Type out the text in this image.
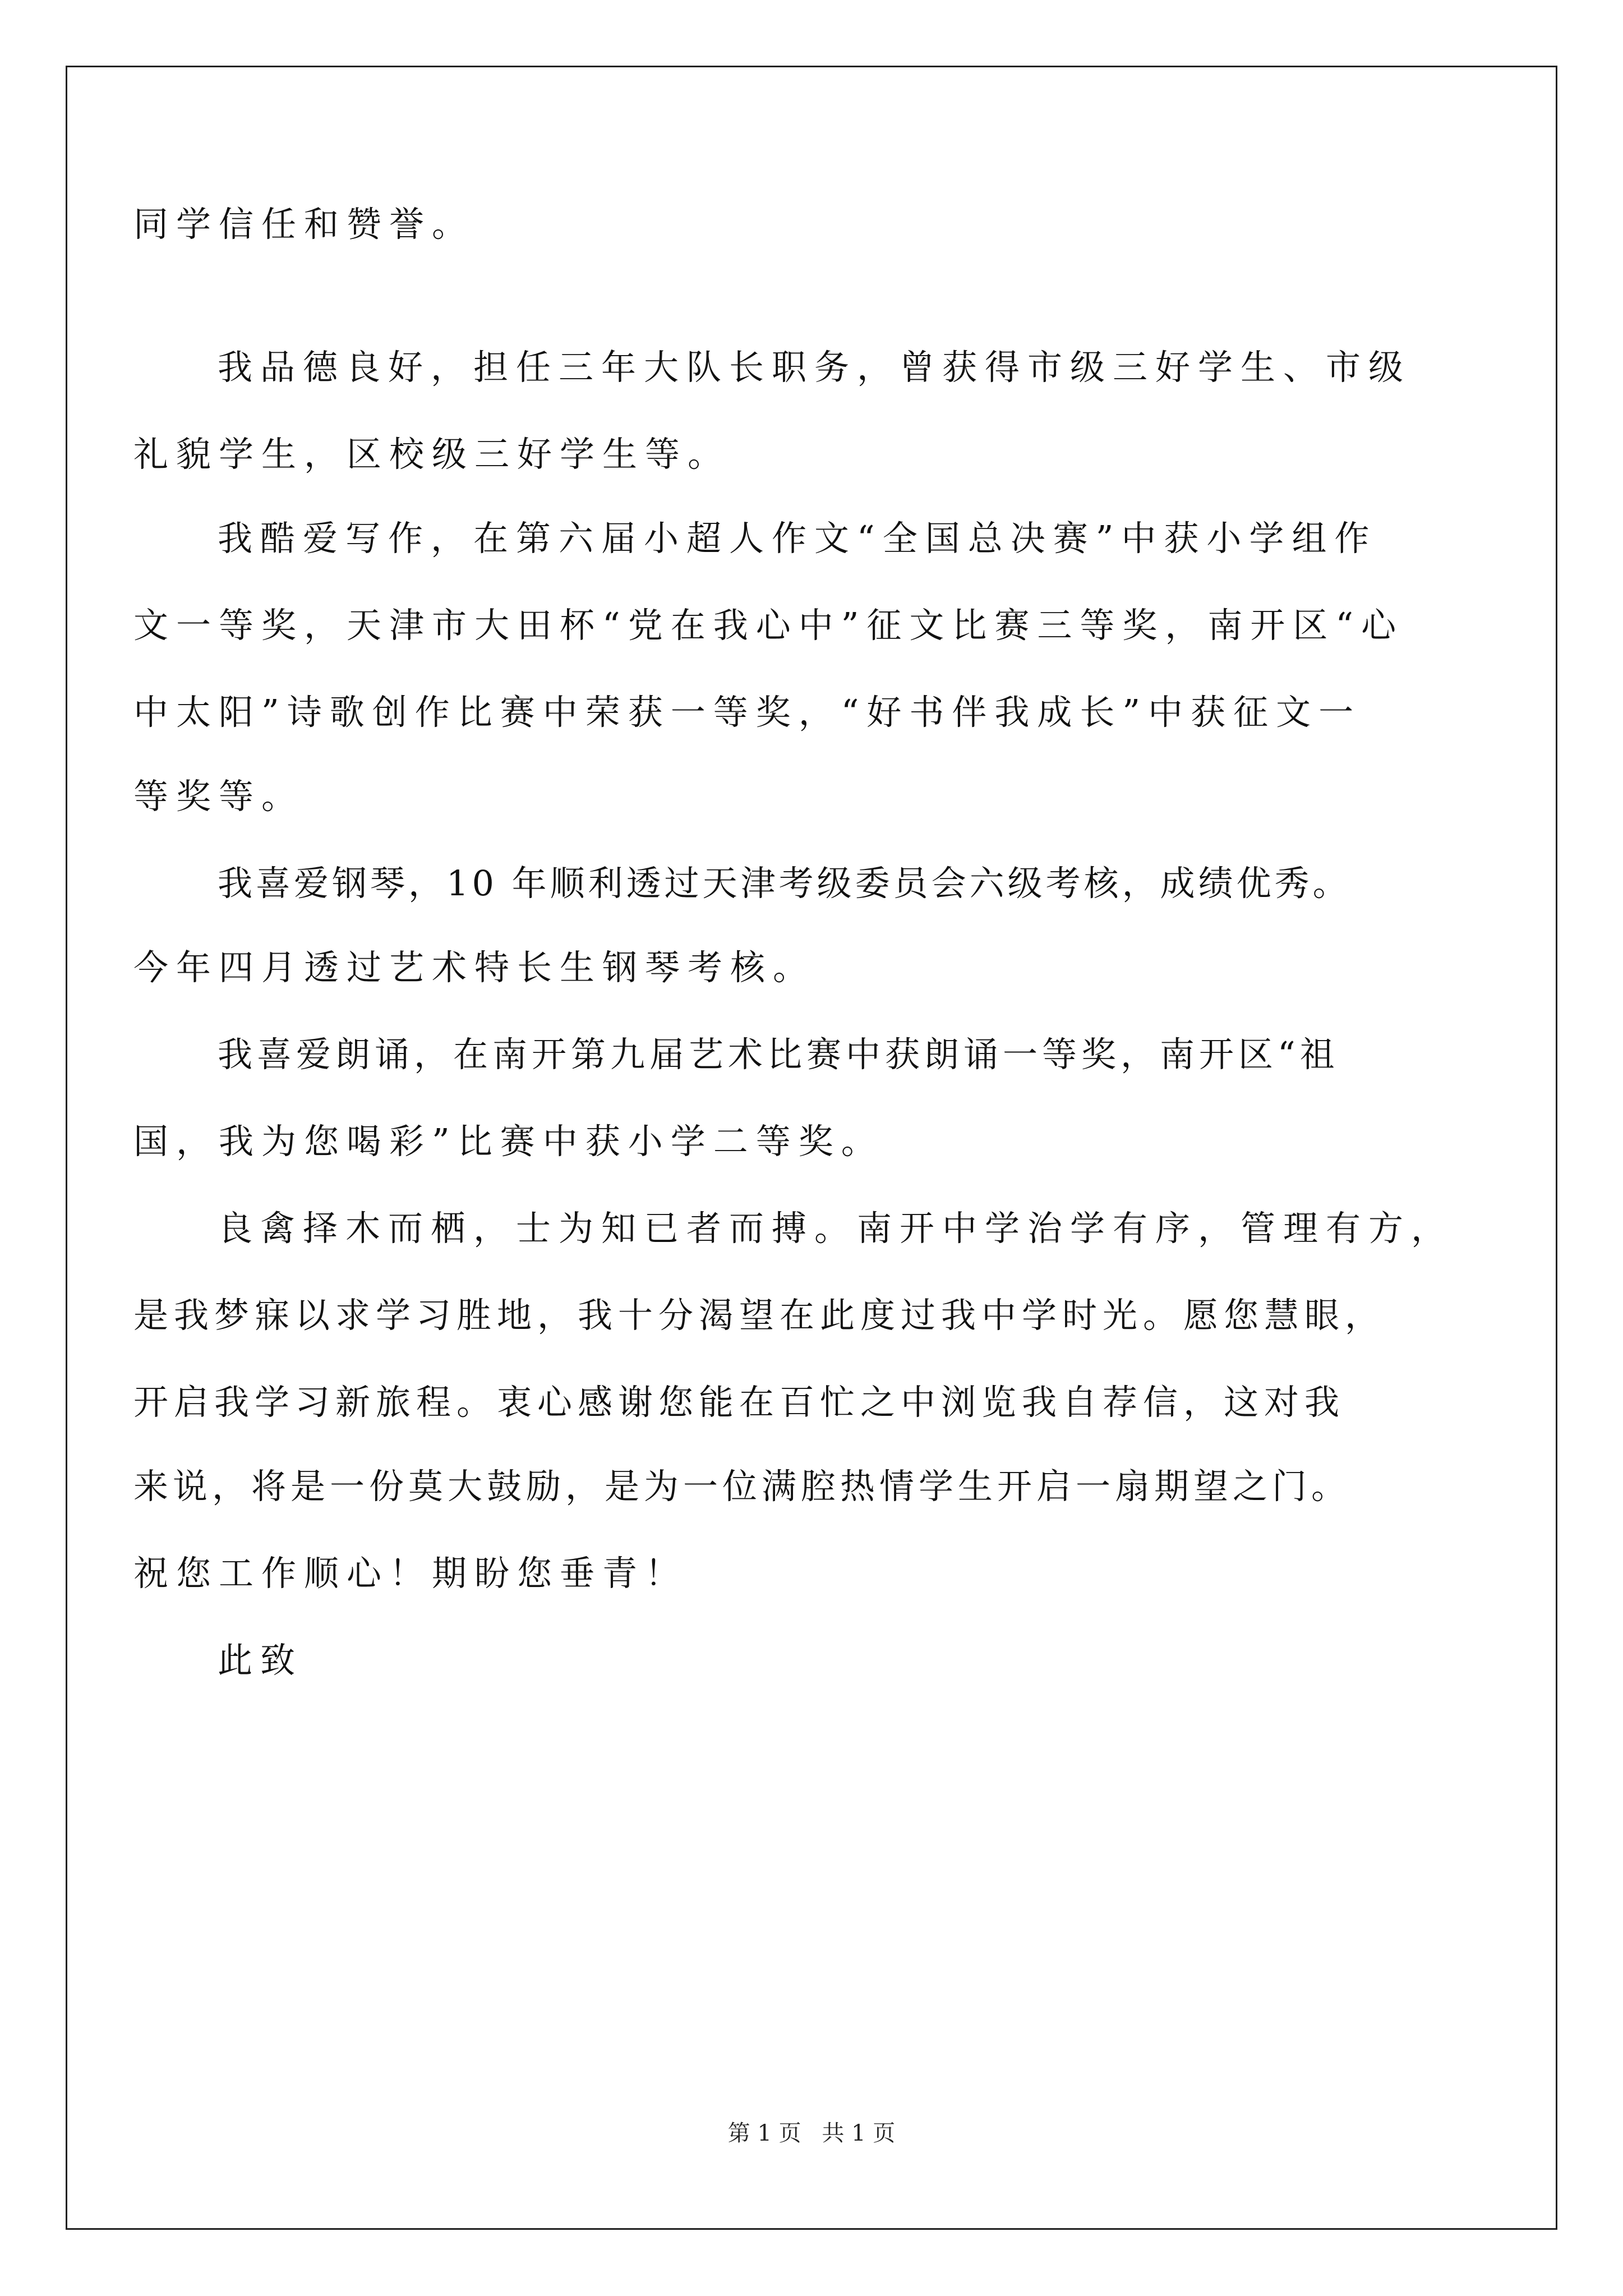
同学信任和赞誉。
我品德良好，担任三年大队长职务，曾获得市级三好学生、市级
礼貌学生，区校级三好学生等。
我酷爱写作，在第六届小超人作文“全国总决赛”中获小学组作
文一等奖，天津市大田杯“党在我心中”征文比赛三等奖，南开区“心
中太阳”诗歌创作比赛中荣获一等奖，“好书伴我成长”中获征文一
等奖等。
我喜爱钢琴，10 年顺利透过天津考级委员会六级考核，成绩优秀。
今年四月透过艺术特长生钢琴考核。
我喜爱朗诵，在南开第九届艺术比赛中获朗诵一等奖，南开区“祖
国，我为您喝彩”比赛中获小学二等奖。
良禽择木而栖，士为知已者而搏。南开中学治学有序，管理有方，
是我梦寐以求学习胜地，我十分渴望在此度过我中学时光。愿您慧眼，
开启我学习新旅程。衷心感谢您能在百忙之中浏览我自荐信，这对我
来说，将是一份莫大鼓励，是为一位满腔热情学生开启一扇期望之门。
祝您工作顺心！期盼您垂青！
此致
第 1 页 共 1 页
